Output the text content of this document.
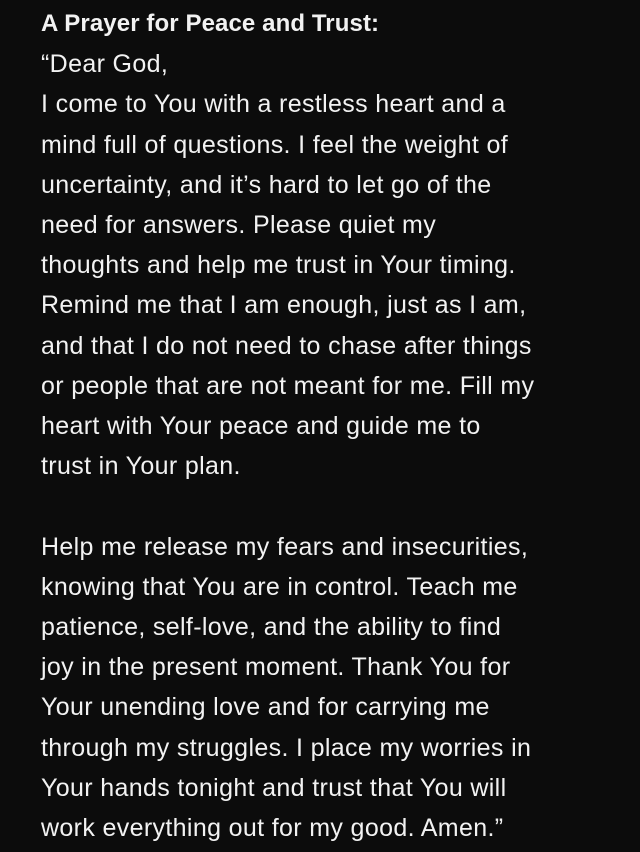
A Prayer for Peace and Trust:
“Dear God,
I come to You with a restless heart and a
mind full of questions. I feel the weight of
uncertainty, and it’s hard to let go of the
need for answers. Please quiet my
thoughts and help me trust in Your timing.
Remind me that I am enough, just as I am,
and that I do not need to chase after things
or people that are not meant for me. Fill my
heart with Your peace and guide me to
trust in Your plan.
Help me release my fears and insecurities,
knowing that You are in control. Teach me
patience, self-love, and the ability to find
joy in the present moment. Thank You for
Your unending love and for carrying me
through my struggles. I place my worries in
Your hands tonight and trust that You will
work everything out for my good. Amen.”
